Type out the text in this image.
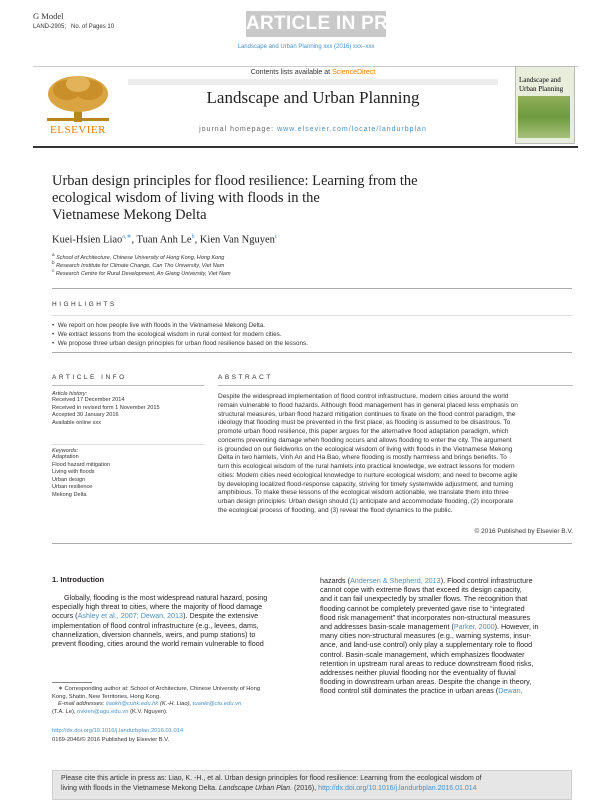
G Model
LAND-2905; No. of Pages 10	ARTICLE IN PRESS
Landscape and Urban Planning xxx (2016) xxx–xxx
Contents lists available at ScienceDirect
Landscape and Urban Planning
journal homepage: www.elsevier.com/locate/landurbplan
ELSEVIER
Landscape and Urban Planning
Urban design principles for flood resilience: Learning from the
ecological wisdom of living with floods in the
Vietnamese Mekong Delta
Kuei-Hsien Liao$^{a,∗}$, Tuan Anh Le$^b$, Kien Van Nguyen$^c$
$^a$ School of Architecture, Chinese University of Hong Kong, Hong Kong
$^b$ Research Institute for Climate Change, Can Tho University, Viet Nam
$^c$ Research Centre for Rural Development, An Giang University, Viet Nam
HIGHLIGHTS
•  We report on how people live with floods in the Vietnamese Mekong Delta.
•  We extract lessons from the ecological wisdom in rural context for modern cities.
•  We propose three urban design principles for urban flood resilience based on the lessons.
ARTICLE INFO
Article history:
Received 17 December 2014
Received in revised form 1 November 2015
Accepted 30 January 2016
Available online xxx
Keywords:
Adaptation
Flood hazard mitigation
Living with floods
Urban design
Urban resilience
Mekong Delta
ABSTRACT
Despite the widespread implementation of flood control infrastructure, modern cities around the world
remain vulnerable to flood hazards. Although flood management has in general placed less emphasis on
structural measures, urban flood hazard mitigation continues to fixate on the flood control paradigm, the
ideology that flooding must be prevented in the first place, as flooding is assumed to be disastrous. To
promote urban flood resilience, this paper argues for the alternative flood adaptation paradigm, which
concerns preventing damage when flooding occurs and allows flooding to enter the city. The argument
is grounded on our fieldworks on the ecological wisdom of living with floods in the Vietnamese Mekong
Delta in two hamlets, Vinh An and Ha Bao, where flooding is mostly harmless and brings benefits. To
turn this ecological wisdom of the rural hamlets into practical knowledge, we extract lessons for modern
cities: Modern cities need ecological knowledge to nurture ecological wisdom; and need to become agile
by developing localized flood-response capacity, striving for timely systemwide adjustment, and turning
amphibious. To make these lessons of the ecological wisdom actionable, we translate them into three
urban design principles: Urban design should (1) anticipate and accommodate flooding, (2) incorporate
the ecological process of flooding, and (3) reveal the flood dynamics to the public.
© 2016 Published by Elsevier B.V.
1. Introduction
Globally, flooding is the most widespread natural hazard, posing
especially high threat to cities, where the majority of flood damage
occurs (Ashley et al., 2007; Dewan, 2013). Despite the extensive
implementation of flood control infrastructure (e.g., levees, dams,
channelization, diversion channels, weirs, and pump stations) to
prevent flooding, cities around the world remain vulnerable to flood
hazards (Andersen & Shepherd, 2013). Flood control infrastructure
cannot cope with extreme flows that exceed its design capacity,
and it can fail unexpectedly by smaller flows. The recognition that
flooding cannot be completely prevented gave rise to “integrated
flood risk management” that incorporates non-structural measures
and addresses basin-scale management (Parker, 2000). However, in
many cities non-structural measures (e.g., warning systems, insur-
ance, and land-use control) only play a supplementary role to flood
control. Basin-scale management, which emphasizes floodwater
retention in upstream rural areas to reduce downstream flood risks,
addresses neither pluvial flooding nor the eventuality of fluvial
flooding in downstream urban areas. Despite the change in theory,
flood control still dominates the practice in urban areas (Dewan,
∗ Corresponding author at: School of Architecture, Chinese University of Hong
Kong, Shatin, New Territories, Hong Kong.
E-mail addresses: liaokh@cuhk.edu.hk (K.-H. Liao), tuanle@ctu.edu.vn
(T.A. Le), nvkien@agu.edu.vn (K.V. Nguyen).
http://dx.doi.org/10.1016/j.landurbplan.2016.01.014
0169-2046/© 2016 Published by Elsevier B.V.
Please cite this article in press as: Liao, K. -H., et al. Urban design principles for flood resilience: Learning from the ecological wisdom of
living with floods in the Vietnamese Mekong Delta. Landscape Urban Plan. (2016), http://dx.doi.org/10.1016/j.landurbplan.2016.01.014
